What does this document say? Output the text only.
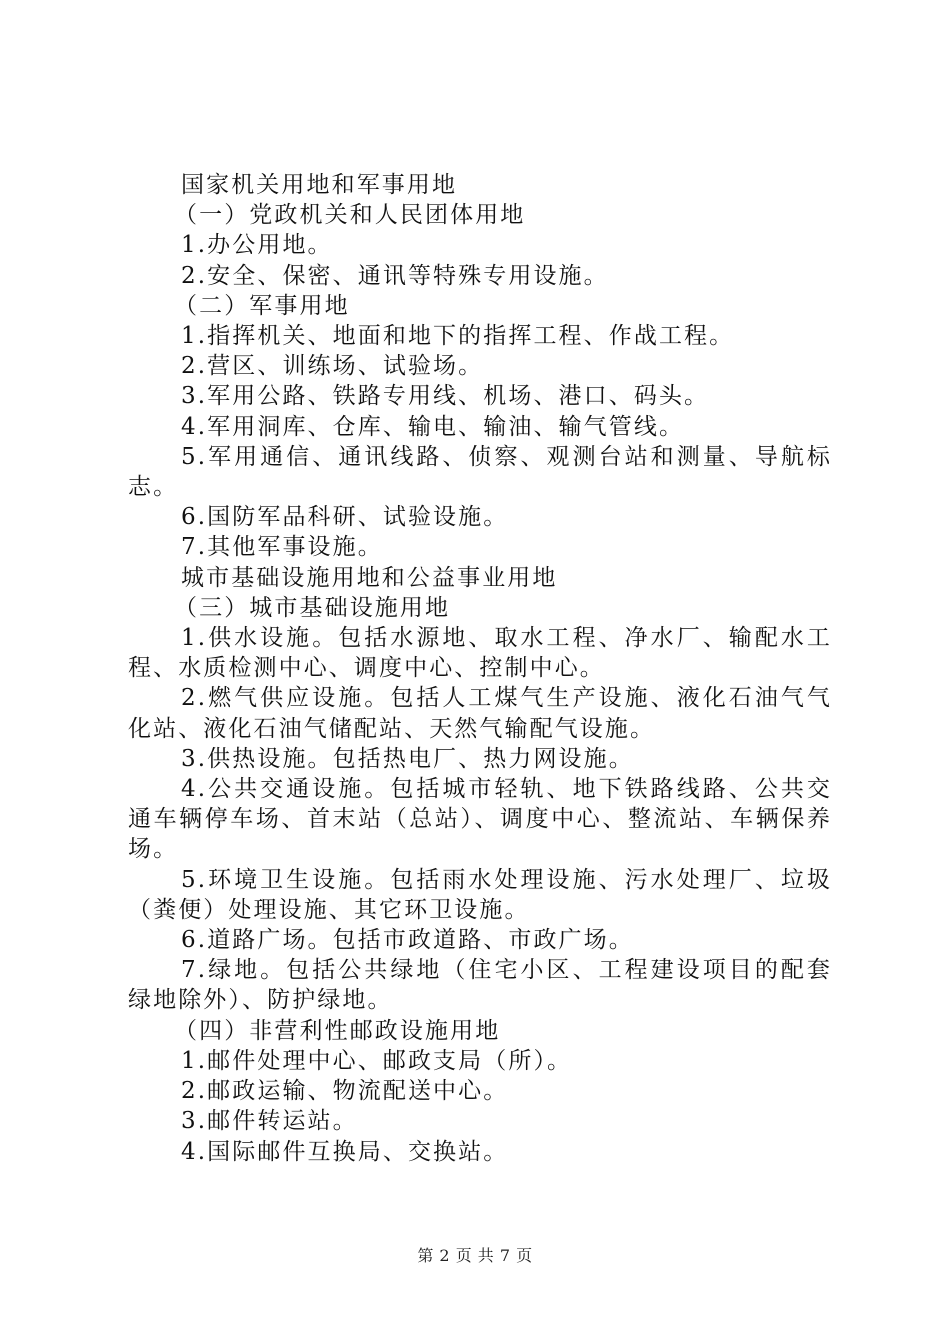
国家机关用地和军事用地

（一）党政机关和人民团体用地

1.办公用地。

2.安全、保密、通讯等特殊专用设施。

（二）军事用地

1.指挥机关、地面和地下的指挥工程、作战工程。

2.营区、训练场、试验场。

3.军用公路、铁路专用线、机场、港口、码头。

4.军用洞库、仓库、输电、输油、输气管线。

5.军用通信、通讯线路、侦察、观测台站和测量、导航标志。

6.国防军品科研、试验设施。

7.其他军事设施。

城市基础设施用地和公益事业用地

（三）城市基础设施用地

1.供水设施。包括水源地、取水工程、净水厂、输配水工程、水质检测中心、调度中心、控制中心。

2.燃气供应设施。包括人工煤气生产设施、液化石油气气化站、液化石油气储配站、天然气输配气设施。

3.供热设施。包括热电厂、热力网设施。

4.公共交通设施。包括城市轻轨、地下铁路线路、公共交通车辆停车场、首末站（总站）、调度中心、整流站、车辆保养场。

5.环境卫生设施。包括雨水处理设施、污水处理厂、垃圾（粪便）处理设施、其它环卫设施。

6.道路广场。包括市政道路、市政广场。

7.绿地。包括公共绿地（住宅小区、工程建设项目的配套绿地除外）、防护绿地。

（四）非营利性邮政设施用地

1.邮件处理中心、邮政支局（所）。

2.邮政运输、物流配送中心。

3.邮件转运站。

4.国际邮件互换局、交换站。

第 2 页 共 7 页
